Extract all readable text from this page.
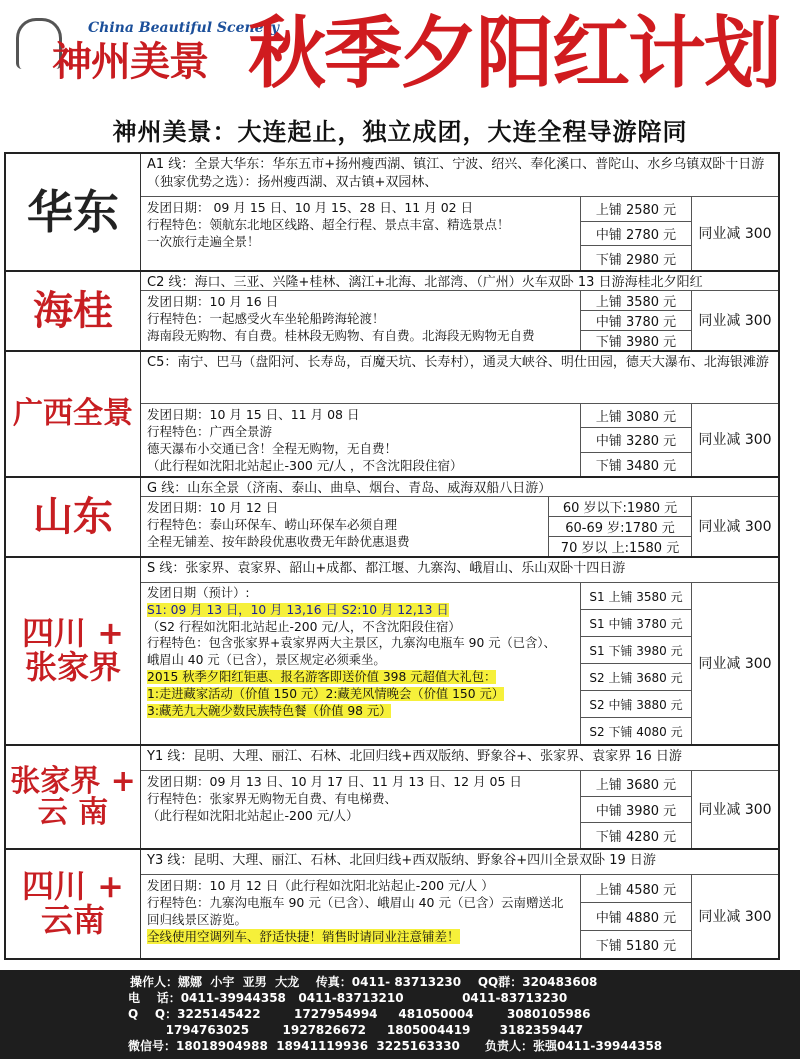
China Beautiful Scenery
神州美景 秋季夕阳红计划
神州美景：大连起止，独立成团，大连全程导游陪同
华东
A1 线：全景大华东：华东五市+扬州瘦西湖、镇江、宁波、绍兴、奉化溪口、普陀山、水乡乌镇双卧十日游（独家优势之选）：扬州瘦西湖、双古镇+双园林、
发团日期： 09 月 15 日、10 月 15、28 日、11 月 02 日
行程特色：领航东北地区线路、超全行程、景点丰富、精选景点！
一次旅行走遍全景！
上铺 2580 元
中铺 2780 元
下铺 2980 元
同业减 300
海桂
C2 线：海口、三亚、兴隆+桂林、漓江+北海、北部湾、（广州）火车双卧 13 日游海桂北夕阳红
发团日期：10 月 16 日
行程特色：一起感受火车坐轮船跨海轮渡！
海南段无购物、有自费。桂林段无购物、有自费。北海段无购物无自费
上铺 3580 元
中铺 3780 元
下铺 3980 元
同业减 300
广西全景
C5：南宁、巴马（盘阳河、长寿岛，百魔天坑、长寿村），通灵大峡谷、明仕田园，德天大瀑布、北海银滩游
发团日期：10 月 15 日、11 月 08 日
行程特色：广西全景游
德天瀑布小交通已含！全程无购物，无自费！
（此行程如沈阳北站起止-300 元/人 ，不含沈阳段住宿）
上铺 3080 元
中铺 3280 元
下铺 3480 元
同业减 300
山东
G 线：山东全景（济南、泰山、曲阜、烟台、青岛、威海双船八日游）
发团日期：10 月 12 日
行程特色：泰山环保车、崂山环保车必须自理
全程无铺差、按年龄段优惠收费无年龄优惠退费
60 岁以下:1980 元
60-69 岁:1780 元
70 岁以 上:1580 元
同业减 300
四川 + 张家界
S 线：张家界、袁家界、韶山+成都、都江堰、九寨沟、峨眉山、乐山双卧十四日游
发团日期（预计）:
S1: 09 月 13 日，10 月 13,16 日 S2:10 月 12,13 日
（S2 行程如沈阳北站起止-200 元/人，不含沈阳段住宿）
行程特色：包含张家界+袁家界两大主景区，九寨沟电瓶车 90 元（已含）、
峨眉山 40 元（已含），景区规定必须乘坐。
2015 秋季夕阳红钜惠、报名游客即送价值 398 元超值大礼包：
1:走进藏家活动（价值 150 元）2:藏羌风情晚会（价值 150 元）
3:藏羌九大碗少数民族特色餐（价值 98 元）
S1 上铺 3580 元
S1 中铺 3780 元
S1 下铺 3980 元
S2 上铺 3680 元
S2 中铺 3880 元
S2 下铺 4080 元
同业减 300
张家界 + 云 南
Y1 线：昆明、大理、丽江、石林、北回归线+西双版纳、野象谷+、张家界、袁家界 16 日游
发团日期：09 月 13 日、10 月 17 日、11 月 13 日、12 月 05 日
行程特色：张家界无购物无自费、有电梯费、
（此行程如沈阳北站起止-200 元/人）
上铺 3680 元
中铺 3980 元
下铺 4280 元
同业减 300
四川 + 云南
Y3 线：昆明、大理、丽江、石林、北回归线+西双版纳、野象谷+四川全景双卧 19 日游
发团日期：10 月 12 日（此行程如沈阳北站起止-200 元/人 ）
行程特色：九寨沟电瓶车 90 元（已含）、峨眉山 40 元（已含）云南赠送北回归线景区游览。
全线使用空调列车、舒适快捷！销售时请同业注意铺差！
上铺 4580 元
中铺 4880 元
下铺 5180 元
同业减 300
操作人：娜娜  小宇  亚男  大龙    传真：0411- 83713230    QQ群：320483608
电    话：0411-39944358   0411-83713210              0411-83713230
Q    Q：3225145422        1727954994     481050004        3080105986
1794763025        1927826672     1805004419       3182359447
微信号：18018904988  18941119936  3225163330      负责人：张强0411-39944358
